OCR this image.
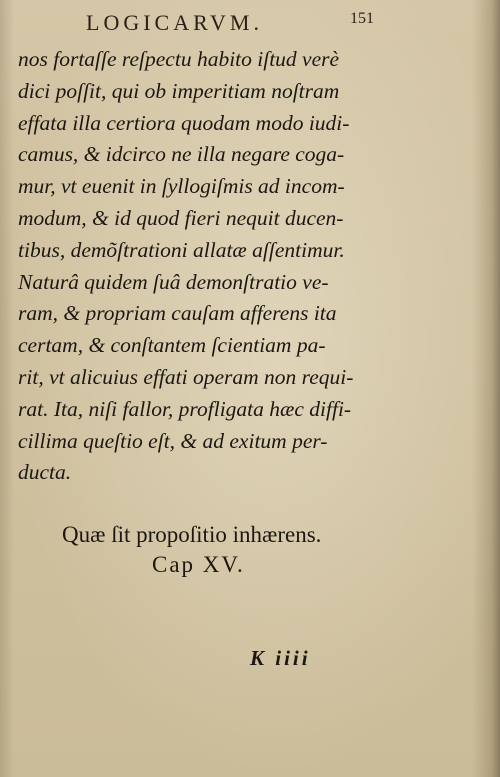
LOGICARVM.	151
nos fortaſſe reſpectu habito iſtud verè
dici poſſit, qui ob imperitiam noſtram
effata illa certiora quodam modo iudi-
camus, & idcirco ne illa negare coga-
mur, vt euenit in ſyllogiſmis ad incom-
modum, & id quod fieri nequit ducen-
tibus, demõſtrationi allatæ aſſentimur.
Naturâ quidem ſuâ demonſtratio ve-
ram, & propriam cauſam afferens ita
certam, & conſtantem ſcientiam pa-
rit, vt alicuius effati operam non requi-
rat. Ita, niſi fallor, profligata hæc diffi-
cillima queſtio eſt, & ad exitum per-
ducta.
Quæ ſit propoſitio inhærens.
Cap XV.
K iiii
